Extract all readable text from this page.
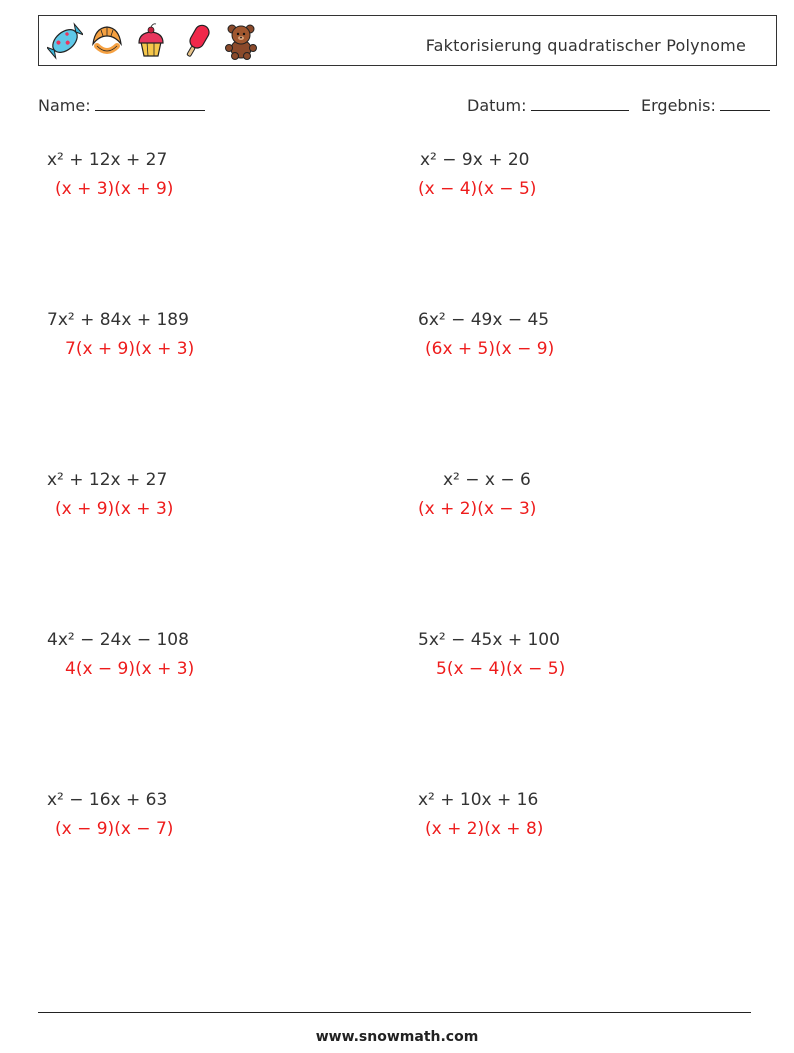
Faktorisierung quadratischer Polynome
Name:	Datum:	Ergebnis:
x² + 12x + 27
(x + 3)(x + 9)
x² − 9x + 20
(x − 4)(x − 5)
7x² + 84x + 189
7(x + 9)(x + 3)
6x² − 49x − 45
(6x + 5)(x − 9)
x² + 12x + 27
(x + 9)(x + 3)
x² − x − 6
(x + 2)(x − 3)
4x² − 24x − 108
4(x − 9)(x + 3)
5x² − 45x + 100
5(x − 4)(x − 5)
x² − 16x + 63
(x − 9)(x − 7)
x² + 10x + 16
(x + 2)(x + 8)
www.snowmath.com
